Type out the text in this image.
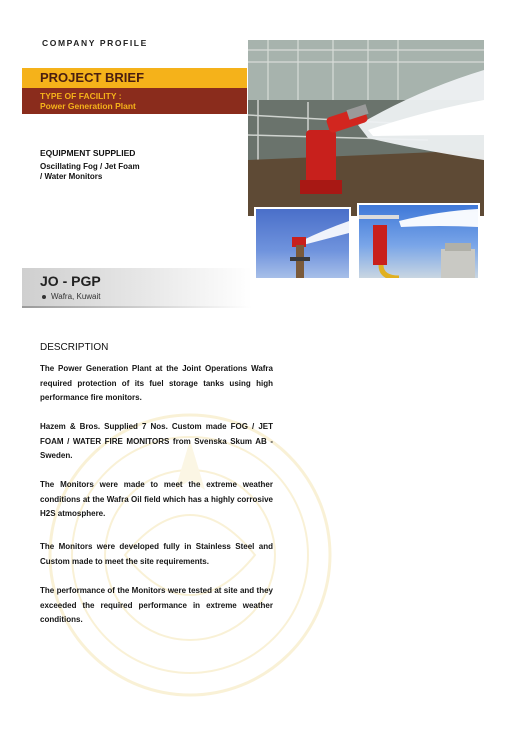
COMPANY PROFILE
PROJECT BRIEF
TYPE OF FACILITY :
Power Generation Plant
EQUIPMENT SUPPLIED
Oscillating Fog / Jet Foam
/ Water Monitors
JO - PGP
Wafra, Kuwait
DESCRIPTION
The Power Generation Plant at the Joint Operations Wafra required protection of its fuel storage tanks using high performance fire monitors.
Hazem & Bros. Supplied 7 Nos. Custom made FOG / JET FOAM / WATER FIRE MONITORS from Svenska Skum AB - Sweden.
The Monitors were made to meet the extreme weather conditions at the Wafra Oil field which has a highly corrosive H2S atmosphere.
The Monitors were developed fully in Stainless Steel and Custom made to meet the site requirements.
The performance of the Monitors were tested at site and they exceeded the required performance in extreme weather conditions.
